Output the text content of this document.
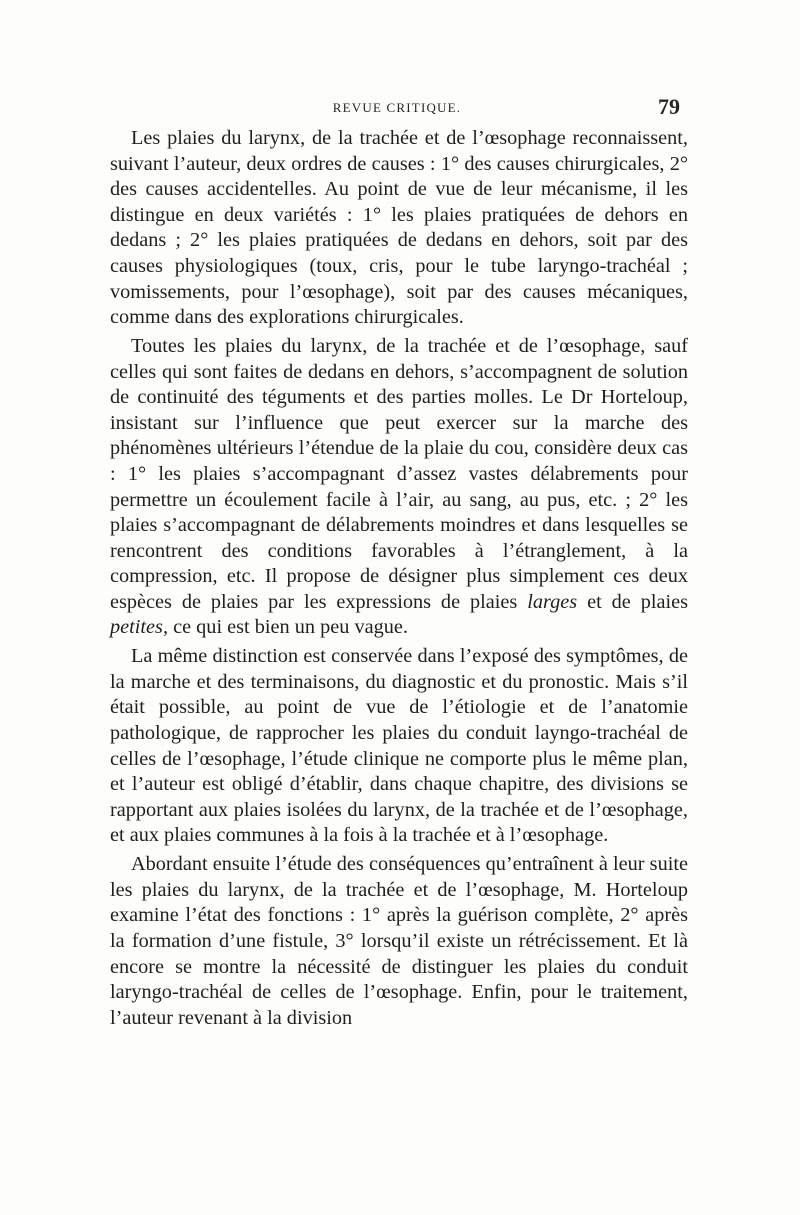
REVUE CRITIQUE.	79

Les plaies du larynx, de la trachée et de l’œsophage reconnaissent, suivant l’auteur, deux ordres de causes : 1° des causes chirurgicales, 2° des causes accidentelles. Au point de vue de leur mécanisme, il les distingue en deux variétés : 1° les plaies pratiquées de dehors en dedans ; 2° les plaies pratiquées de dedans en dehors, soit par des causes physiologiques (toux, cris, pour le tube laryngo-trachéal ; vomissements, pour l’œsophage), soit par des causes mécaniques, comme dans des explorations chirurgicales.

Toutes les plaies du larynx, de la trachée et de l’œsophage, sauf celles qui sont faites de dedans en dehors, s’accompagnent de solution de continuité des téguments et des parties molles. Le Dr Horteloup, insistant sur l’influence que peut exercer sur la marche des phénomènes ultérieurs l’étendue de la plaie du cou, considère deux cas : 1° les plaies s’accompagnant d’assez vastes délabrements pour permettre un écoulement facile à l’air, au sang, au pus, etc. ; 2° les plaies s’accompagnant de délabrements moindres et dans lesquelles se rencontrent des conditions favorables à l’étranglement, à la compression, etc. Il propose de désigner plus simplement ces deux espèces de plaies par les expressions de plaies larges et de plaies petites, ce qui est bien un peu vague.

La même distinction est conservée dans l’exposé des symptômes, de la marche et des terminaisons, du diagnostic et du pronostic. Mais s’il était possible, au point de vue de l’étiologie et de l’anatomie pathologique, de rapprocher les plaies du conduit layngo-trachéal de celles de l’œsophage, l’étude clinique ne comporte plus le même plan, et l’auteur est obligé d’établir, dans chaque chapitre, des divisions se rapportant aux plaies isolées du larynx, de la trachée et de l’œsophage, et aux plaies communes à la fois à la trachée et à l’œsophage.

Abordant ensuite l’étude des conséquences qu’entraînent à leur suite les plaies du larynx, de la trachée et de l’œsophage, M. Horteloup examine l’état des fonctions : 1° après la guérison complète, 2° après la formation d’une fistule, 3° lorsqu’il existe un rétrécissement. Et là encore se montre la nécessité de distinguer les plaies du conduit laryngo-trachéal de celles de l’œsophage. Enfin, pour le traitement, l’auteur revenant à la division
